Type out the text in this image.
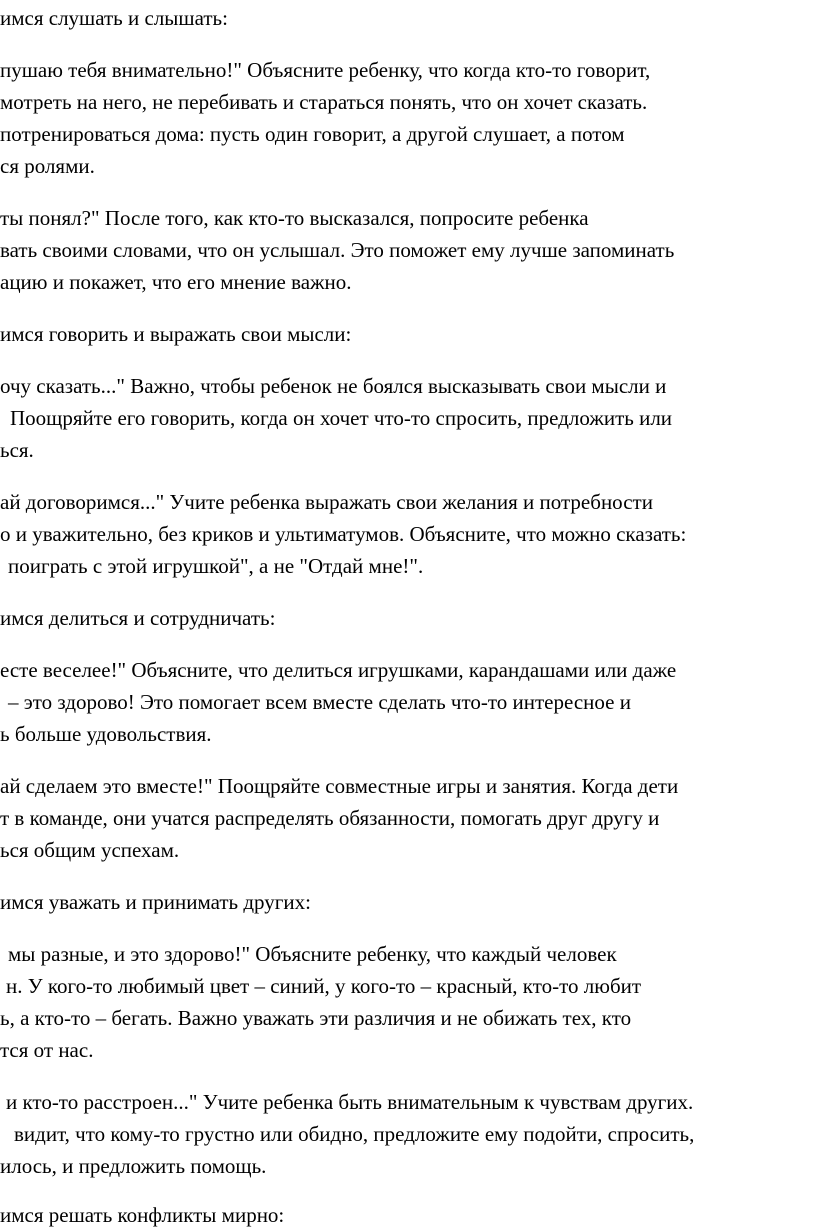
имся слушать и слышать:
пушаю тебя внимательно!" Объясните ребенку, что когда кто-то говорит,
мотреть на него, не перебивать и стараться понять, что он хочет сказать.
потренироваться дома: пусть один говорит, а другой слушает, а потом
ся ролями.
ты понял?" После того, как кто-то высказался, попросите ребенка
вать своими словами, что он услышал. Это поможет ему лучше запоминать
ацию и покажет, что его мнение важно.
имся говорить и выражать свои мысли:
очу сказать..." Важно, чтобы ребенок не боялся высказывать свои мысли и
Поощряйте его говорить, когда он хочет что-то спросить, предложить или
ься.
ай договоримся..." Учите ребенка выражать свои желания и потребности
о и уважительно, без криков и ультиматумов. Объясните, что можно сказать:
поиграть с этой игрушкой", а не "Отдай мне!".
имся делиться и сотрудничать:
есте веселее!" Объясните, что делиться игрушками, карандашами или даже
– это здорово! Это помогает всем вместе сделать что-то интересное и
ь больше удовольствия.
ай сделаем это вместе!" Поощряйте совместные игры и занятия. Когда дети
т в команде, они учатся распределять обязанности, помогать друг другу и
ься общим успехам.
имся уважать и принимать других:
мы разные, и это здорово!" Объясните ребенку, что каждый человек
н. У кого-то любимый цвет – синий, у кого-то – красный, кто-то любит
ь, а кто-то – бегать. Важно уважать эти различия и не обижать тех, кто
тся от нас.
и кто-то расстроен..." Учите ребенка быть внимательным к чувствам других.
видит, что кому-то грустно или обидно, предложите ему подойти, спросить,
илось, и предложить помощь.
имся решать конфликты мирно:
